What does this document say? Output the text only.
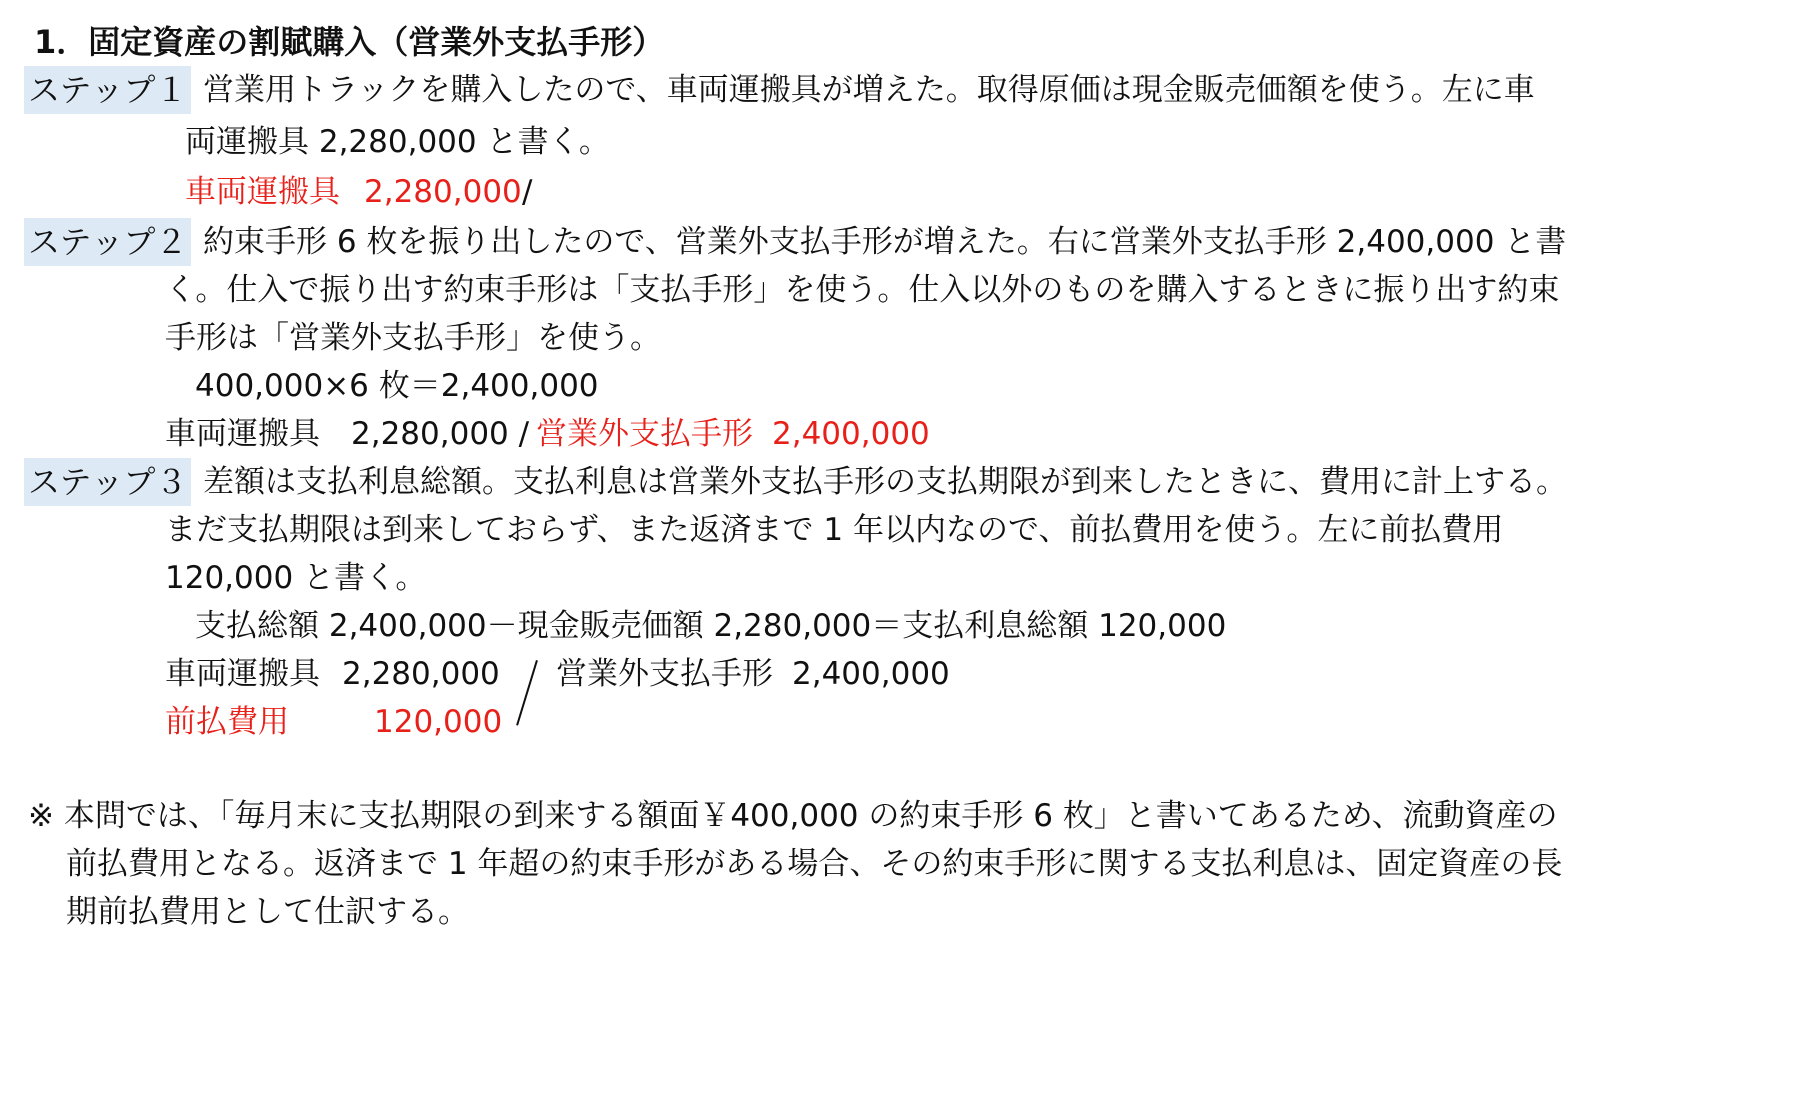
1．固定資産の割賦購入（営業外支払手形）
ステップ１ 営業用トラックを購入したので、車両運搬具が増えた。取得原価は現金販売価額を使う。左に車
両運搬具 2,280,000 と書く。
車両運搬具 2,280,000 /
ステップ２ 約束手形 6 枚を振り出したので、営業外支払手形が増えた。右に営業外支払手形 2,400,000 と書
く。仕入で振り出す約束手形は「支払手形」を使う。仕入以外のものを購入するときに振り出す約束
手形は「営業外支払手形」を使う。
400,000×6 枚＝2,400,000
車両運搬具　2,280,000 / 営業外支払手形 2,400,000
ステップ３ 差額は支払利息総額。支払利息は営業外支払手形の支払期限が到来したときに、費用に計上する。
まだ支払期限は到来しておらず、また返済まで 1 年以内なので、前払費用を使う。左に前払費用
120,000 と書く。
支払総額 2,400,000－現金販売価額 2,280,000＝支払利息総額 120,000
車両運搬具 2,280,000 営業外支払手形 2,400,000
前払費用	120,000
※ 本問では、「毎月末に支払期限の到来する額面￥400,000 の約束手形 6 枚」と書いてあるため、流動資産の
前払費用となる。返済まで 1 年超の約束手形がある場合、その約束手形に関する支払利息は、固定資産の長
期前払費用として仕訳する。
